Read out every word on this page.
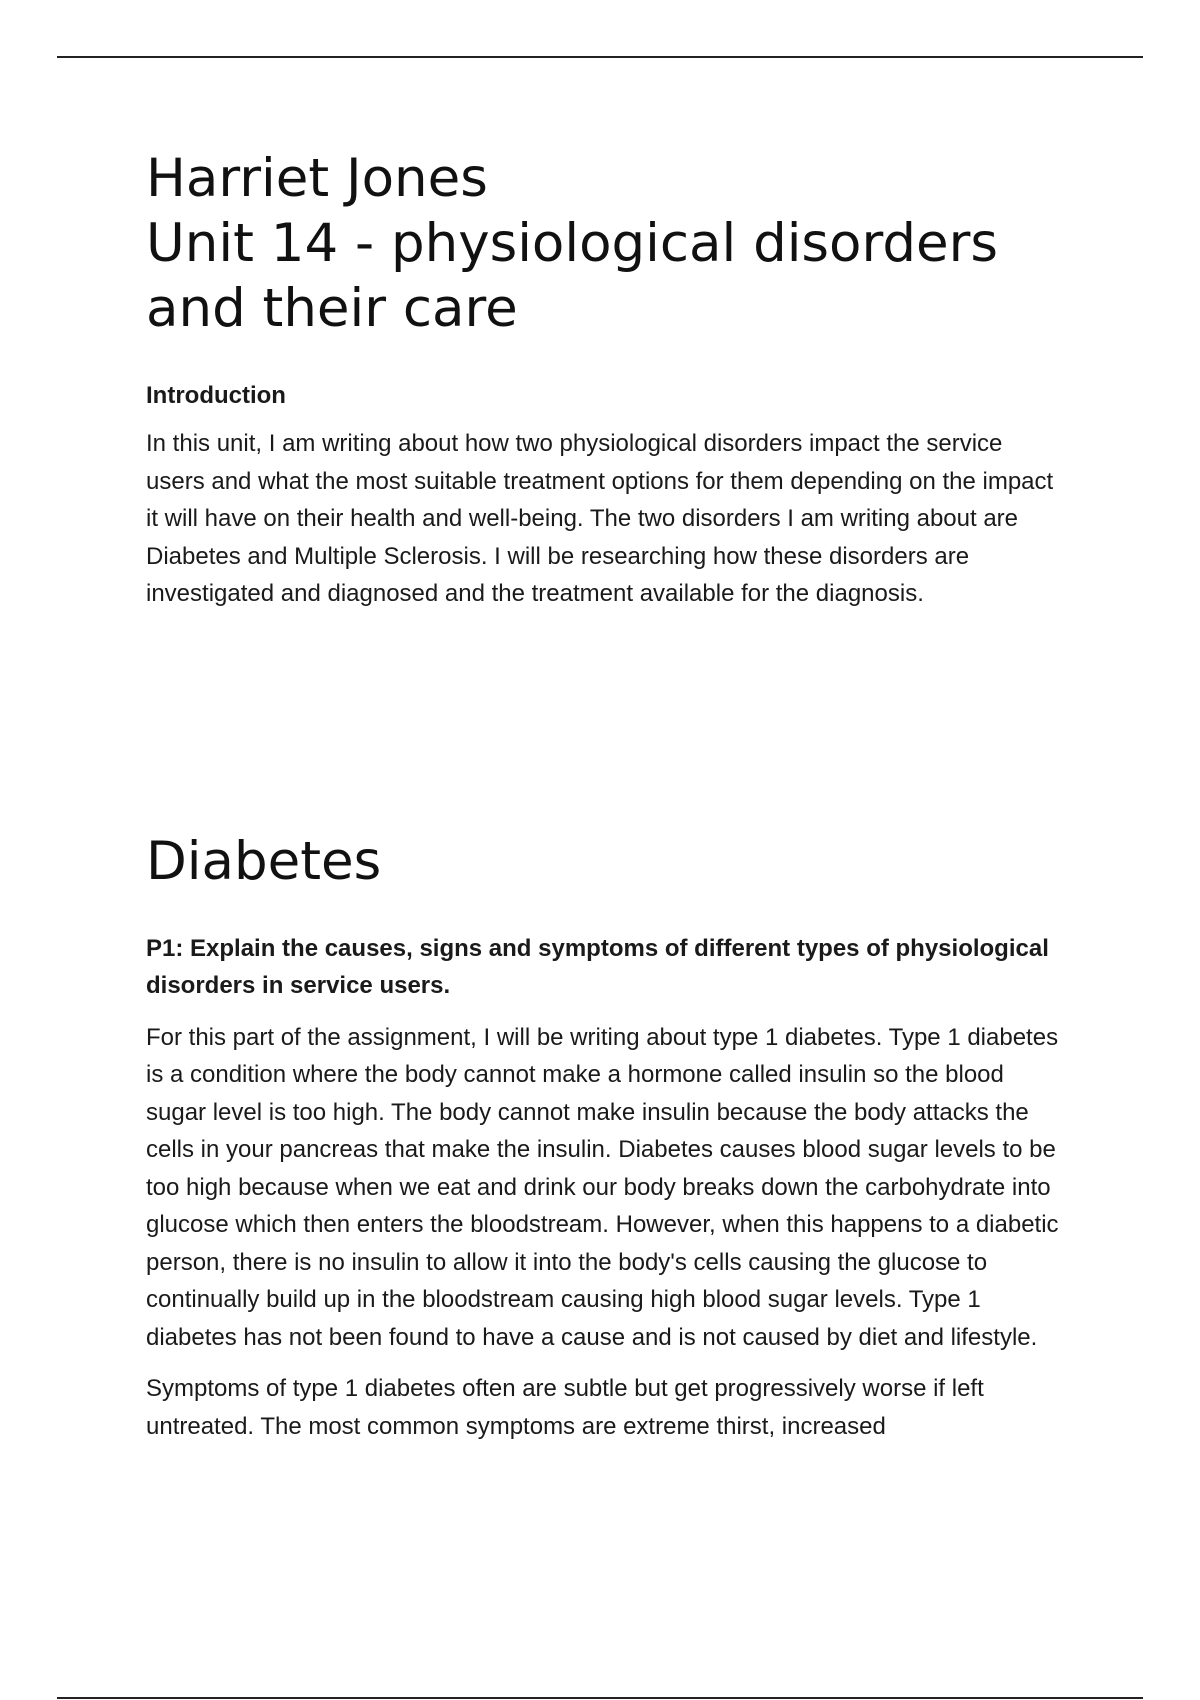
Harriet Jones
Unit 14 - physiological disorders
and their care
Introduction

In this unit, I am writing about how two physiological disorders impact the service users and what the most suitable treatment options for them depending on the impact it will have on their health and well-being. The two disorders I am writing about are Diabetes and Multiple Sclerosis. I will be researching how these disorders are investigated and diagnosed and the treatment available for the diagnosis.

Diabetes
P1: Explain the causes, signs and symptoms of different types of physiological disorders in service users.

For this part of the assignment, I will be writing about type 1 diabetes. Type 1 diabetes is a condition where the body cannot make a hormone called insulin so the blood sugar level is too high. The body cannot make insulin because the body attacks the cells in your pancreas that make the insulin. Diabetes causes blood sugar levels to be too high because when we eat and drink our body breaks down the carbohydrate into glucose which then enters the bloodstream. However, when this happens to a diabetic person, there is no insulin to allow it into the body's cells causing the glucose to continually build up in the bloodstream causing high blood sugar levels. Type 1 diabetes has not been found to have a cause and is not caused by diet and lifestyle.

Symptoms of type 1 diabetes often are subtle but get progressively worse if left untreated. The most common symptoms are extreme thirst, increased
